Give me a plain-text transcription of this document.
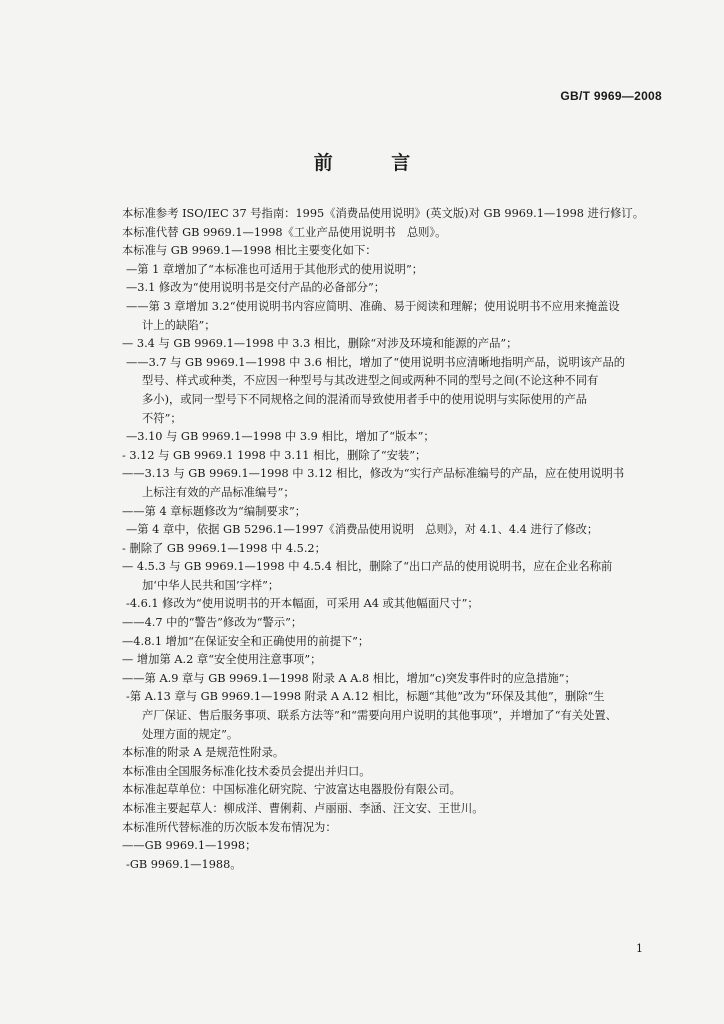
GB/T 9969—2008
前 言
本标准参考 ISO/IEC 37 号指南：1995《消费品使用说明》(英文版)对 GB 9969.1—1998 进行修订。
本标准代替 GB 9969.1—1998《工业产品使用说明书　总则》。
本标准与 GB 9969.1—1998 相比主要变化如下：
—第 1 章增加了“本标准也可适用于其他形式的使用说明”；
—3.1 修改为“使用说明书是交付产品的必备部分”；
——第 3 章增加 3.2“使用说明书内容应简明、准确、易于阅读和理解；使用说明书不应用来掩盖设
计上的缺陷”；
— 3.4 与 GB 9969.1—1998 中 3.3 相比，删除“对涉及环境和能源的产品”；
——3.7 与 GB 9969.1—1998 中 3.6 相比，增加了“使用说明书应清晰地指明产品，说明该产品的
型号、样式或种类，不应因一种型号与其改进型之间或两种不同的型号之间(不论这种不同有
多小)，或同一型号下不同规格之间的混淆而导致使用者手中的使用说明与实际使用的产品
不符”；
—3.10 与 GB 9969.1—1998 中 3.9 相比，增加了“版本”；
- 3.12 与 GB 9969.1 1998 中 3.11 相比，删除了“安装”；
——3.13 与 GB 9969.1—1998 中 3.12 相比，修改为“实行产品标准编号的产品，应在使用说明书
上标注有效的产品标准编号”；
——第 4 章标题修改为“编制要求”；
—第 4 章中，依据 GB 5296.1—1997《消费品使用说明　总则》，对 4.1、4.4 进行了修改；
- 删除了 GB 9969.1—1998 中 4.5.2；
— 4.5.3 与 GB 9969.1—1998 中 4.5.4 相比，删除了“出口产品的使用说明书，应在企业名称前
加‘中华人民共和国’字样”；
-4.6.1 修改为“使用说明书的开本幅面，可采用 A4 或其他幅面尺寸”；
——4.7 中的“警告”修改为“警示”；
—4.8.1 增加“在保证安全和正确使用的前提下”；
— 增加第 A.2 章“安全使用注意事项”；
——第 A.9 章与 GB 9969.1—1998 附录 A A.8 相比，增加“c)突发事件时的应急措施”；
-第 A.13 章与 GB 9969.1—1998 附录 A A.12 相比，标题“其他”改为“环保及其他”，删除“生
产厂保证、售后服务事项、联系方法等”和“需要向用户说明的其他事项”，并增加了“有关处置、
处理方面的规定”。
本标准的附录 A 是规范性附录。
本标准由全国服务标准化技术委员会提出并归口。
本标准起草单位：中国标准化研究院、宁波富达电器股份有限公司。
本标准主要起草人：柳成洋、曹俐莉、卢丽丽、李涵、汪文安、王世川。
本标准所代替标准的历次版本发布情况为：
——GB 9969.1—1998；
-GB 9969.1—1988。
1
